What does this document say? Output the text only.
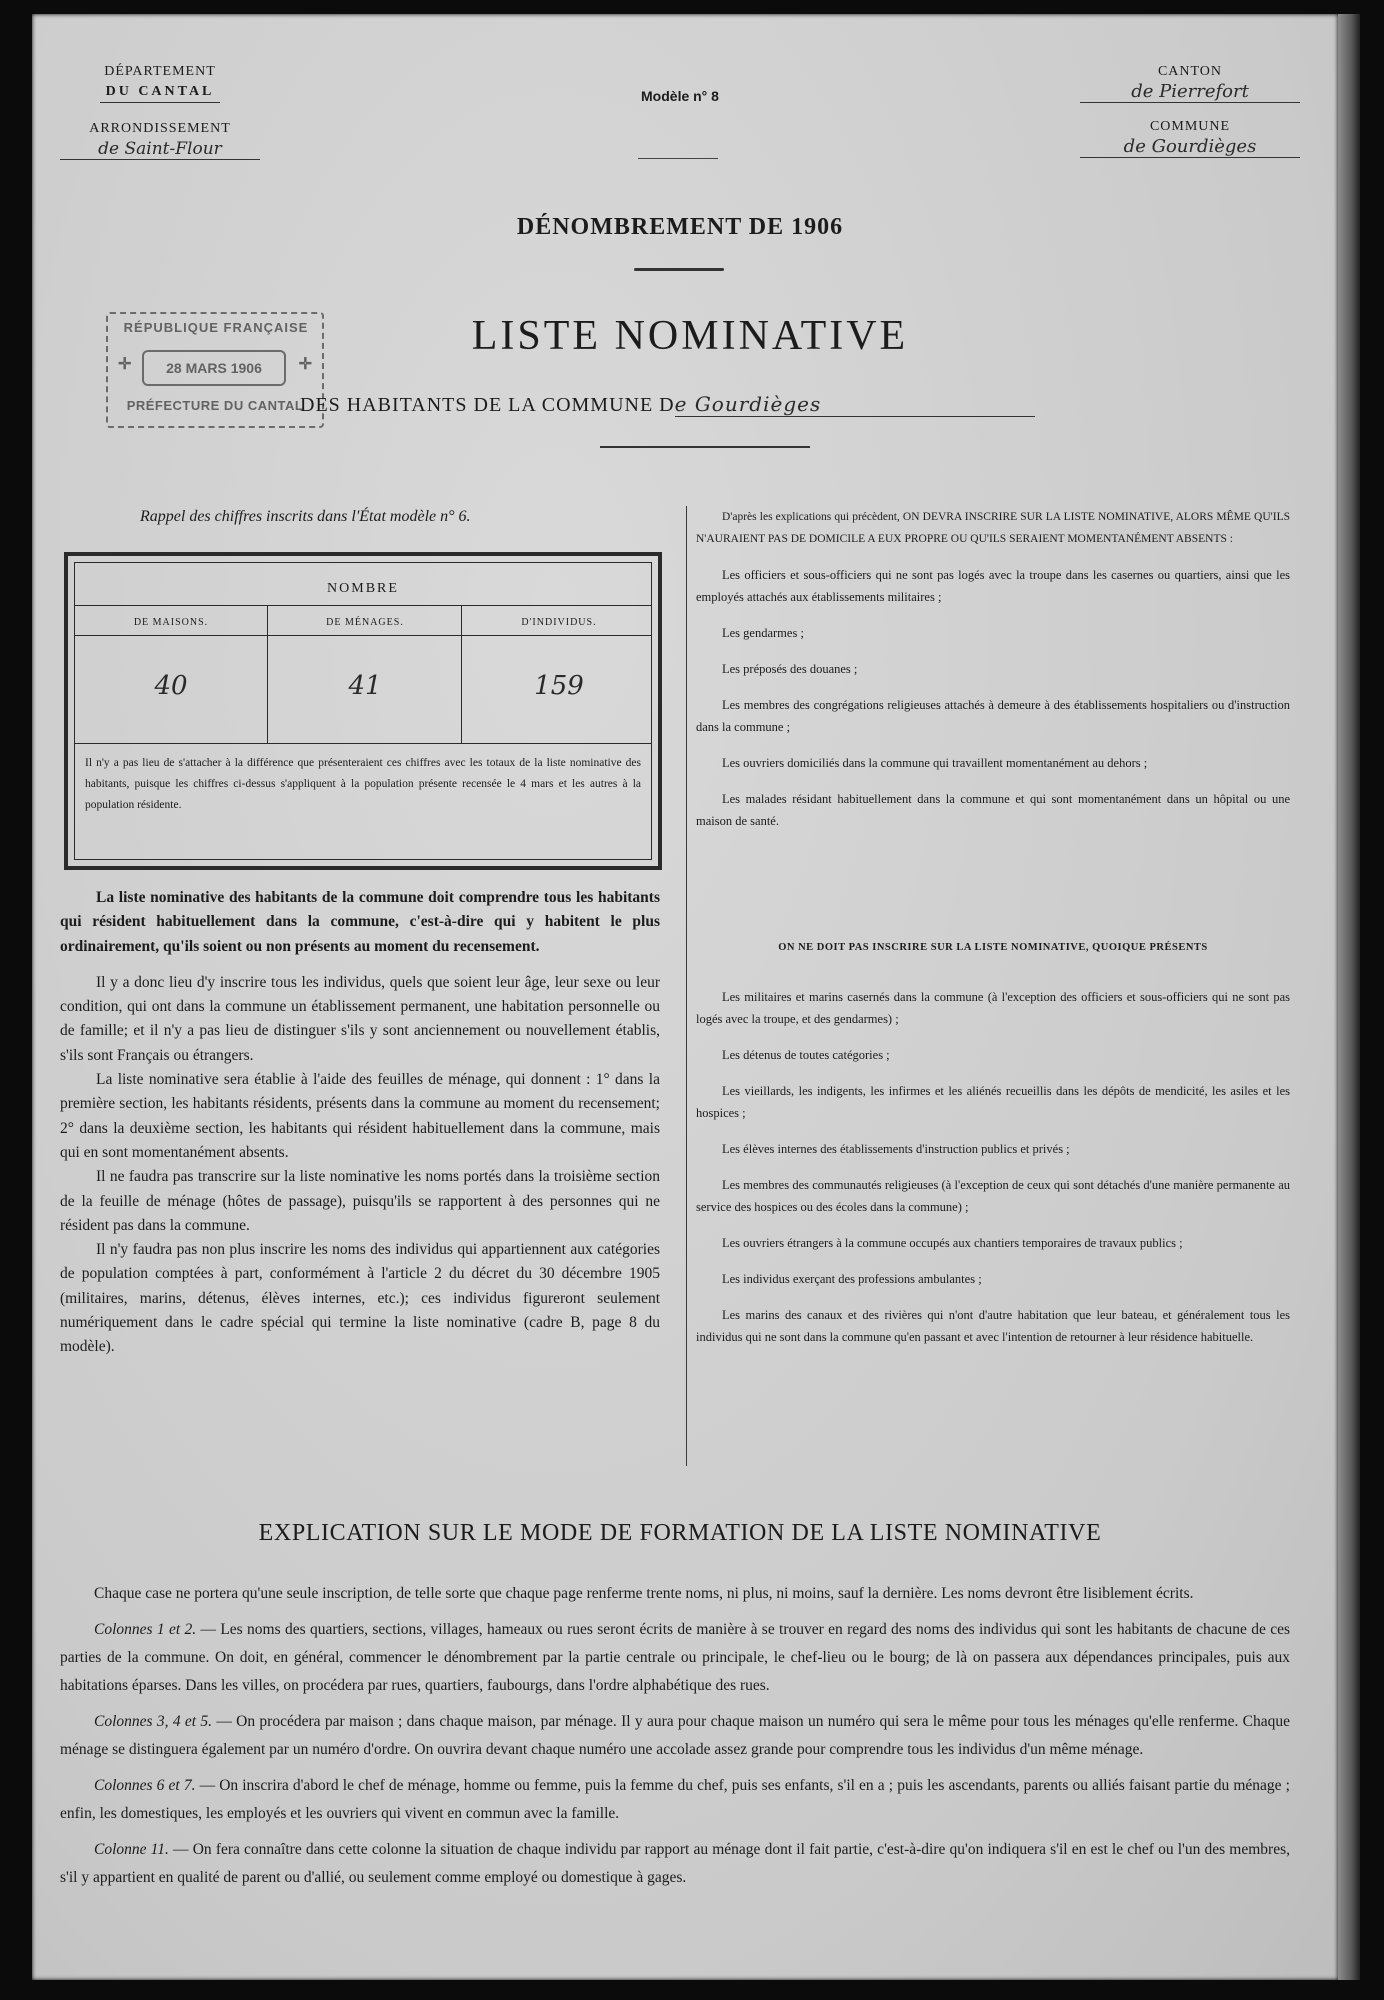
DÉPARTEMENT
DU CANTAL
ARRONDISSEMENT
de Saint-Flour
Modèle n° 8
CANTON
de Pierrefort
COMMUNE
de Gourdièges
DÉNOMBREMENT DE 1906
LISTE NOMINATIVE
RÉPUBLIQUE FRANÇAISE
✛	28 MARS 1906	✛
PRÉFECTURE DU CANTAL
DES HABITANTS DE LA COMMUNE De Gourdièges
Rappel des chiffres inscrits dans l'État modèle n° 6.
NOMBRE
DE MAISONS.	DE MÉNAGES.	D'INDIVIDUS.
40	41	159
Il n'y a pas lieu de s'attacher à la différence que présenteraient ces chiffres avec les totaux de la liste nominative des habitants, puisque les chiffres ci-dessus s'appliquent à la population présente recensée le 4 mars et les autres à la population résidente.

La liste nominative des habitants de la commune doit comprendre tous les habitants qui résident habituellement dans la commune, c'est-à-dire qui y habitent le plus ordinairement, qu'ils soient ou non présents au moment du recensement.

Il y a donc lieu d'y inscrire tous les individus, quels que soient leur âge, leur sexe ou leur condition, qui ont dans la commune un établissement permanent, une habitation personnelle ou de famille; et il n'y a pas lieu de distinguer s'ils y sont anciennement ou nouvellement établis, s'ils sont Français ou étrangers.

La liste nominative sera établie à l'aide des feuilles de ménage, qui donnent : 1° dans la première section, les habitants résidents, présents dans la commune au moment du recensement; 2° dans la deuxième section, les habitants qui résident habituellement dans la commune, mais qui en sont momentanément absents.

Il ne faudra pas transcrire sur la liste nominative les noms portés dans la troisième section de la feuille de ménage (hôtes de passage), puisqu'ils se rapportent à des personnes qui ne résident pas dans la commune.

Il n'y faudra pas non plus inscrire les noms des individus qui appartiennent aux catégories de population comptées à part, conformément à l'article 2 du décret du 30 décembre 1905 (militaires, marins, détenus, élèves internes, etc.); ces individus figureront seulement numériquement dans le cadre spécial qui termine la liste nominative (cadre B, page 8 du modèle).

D'après les explications qui précèdent, ON DEVRA INSCRIRE SUR LA LISTE NOMINATIVE, ALORS MÊME QU'ILS N'AURAIENT PAS DE DOMICILE A EUX PROPRE OU QU'ILS SERAIENT MOMENTANÉMENT ABSENTS :

Les officiers et sous-officiers qui ne sont pas logés avec la troupe dans les casernes ou quartiers, ainsi que les employés attachés aux établissements militaires ;

Les gendarmes ;

Les préposés des douanes ;

Les membres des congrégations religieuses attachés à demeure à des établissements hospitaliers ou d'instruction dans la commune ;

Les ouvriers domiciliés dans la commune qui travaillent momentanément au dehors ;

Les malades résidant habituellement dans la commune et qui sont momentanément dans un hôpital ou une maison de santé.

ON NE DOIT PAS INSCRIRE SUR LA LISTE NOMINATIVE, QUOIQUE PRÉSENTS

Les militaires et marins casernés dans la commune (à l'exception des officiers et sous-officiers qui ne sont pas logés avec la troupe, et des gendarmes) ;

Les détenus de toutes catégories ;

Les vieillards, les indigents, les infirmes et les aliénés recueillis dans les dépôts de mendicité, les asiles et les hospices ;

Les élèves internes des établissements d'instruction publics et privés ;

Les membres des communautés religieuses (à l'exception de ceux qui sont détachés d'une manière permanente au service des hospices ou des écoles dans la commune) ;

Les ouvriers étrangers à la commune occupés aux chantiers temporaires de travaux publics ;

Les individus exerçant des professions ambulantes ;

Les marins des canaux et des rivières qui n'ont d'autre habitation que leur bateau, et généralement tous les individus qui ne sont dans la commune qu'en passant et avec l'intention de retourner à leur résidence habituelle.

EXPLICATION SUR LE MODE DE FORMATION DE LA LISTE NOMINATIVE

Chaque case ne portera qu'une seule inscription, de telle sorte que chaque page renferme trente noms, ni plus, ni moins, sauf la dernière. Les noms devront être lisiblement écrits.

Colonnes 1 et 2. — Les noms des quartiers, sections, villages, hameaux ou rues seront écrits de manière à se trouver en regard des noms des individus qui sont les habitants de chacune de ces parties de la commune. On doit, en général, commencer le dénombrement par la partie centrale ou principale, le chef-lieu ou le bourg; de là on passera aux dépendances principales, puis aux habitations éparses. Dans les villes, on procédera par rues, quartiers, faubourgs, dans l'ordre alphabétique des rues.

Colonnes 3, 4 et 5. — On procédera par maison ; dans chaque maison, par ménage. Il y aura pour chaque maison un numéro qui sera le même pour tous les ménages qu'elle renferme. Chaque ménage se distinguera également par un numéro d'ordre. On ouvrira devant chaque numéro une accolade assez grande pour comprendre tous les individus d'un même ménage.

Colonnes 6 et 7. — On inscrira d'abord le chef de ménage, homme ou femme, puis la femme du chef, puis ses enfants, s'il en a ; puis les ascendants, parents ou alliés faisant partie du ménage ; enfin, les domestiques, les employés et les ouvriers qui vivent en commun avec la famille.

Colonne 11. — On fera connaître dans cette colonne la situation de chaque individu par rapport au ménage dont il fait partie, c'est-à-dire qu'on indiquera s'il en est le chef ou l'un des membres, s'il y appartient en qualité de parent ou d'allié, ou seulement comme employé ou domestique à gages.
